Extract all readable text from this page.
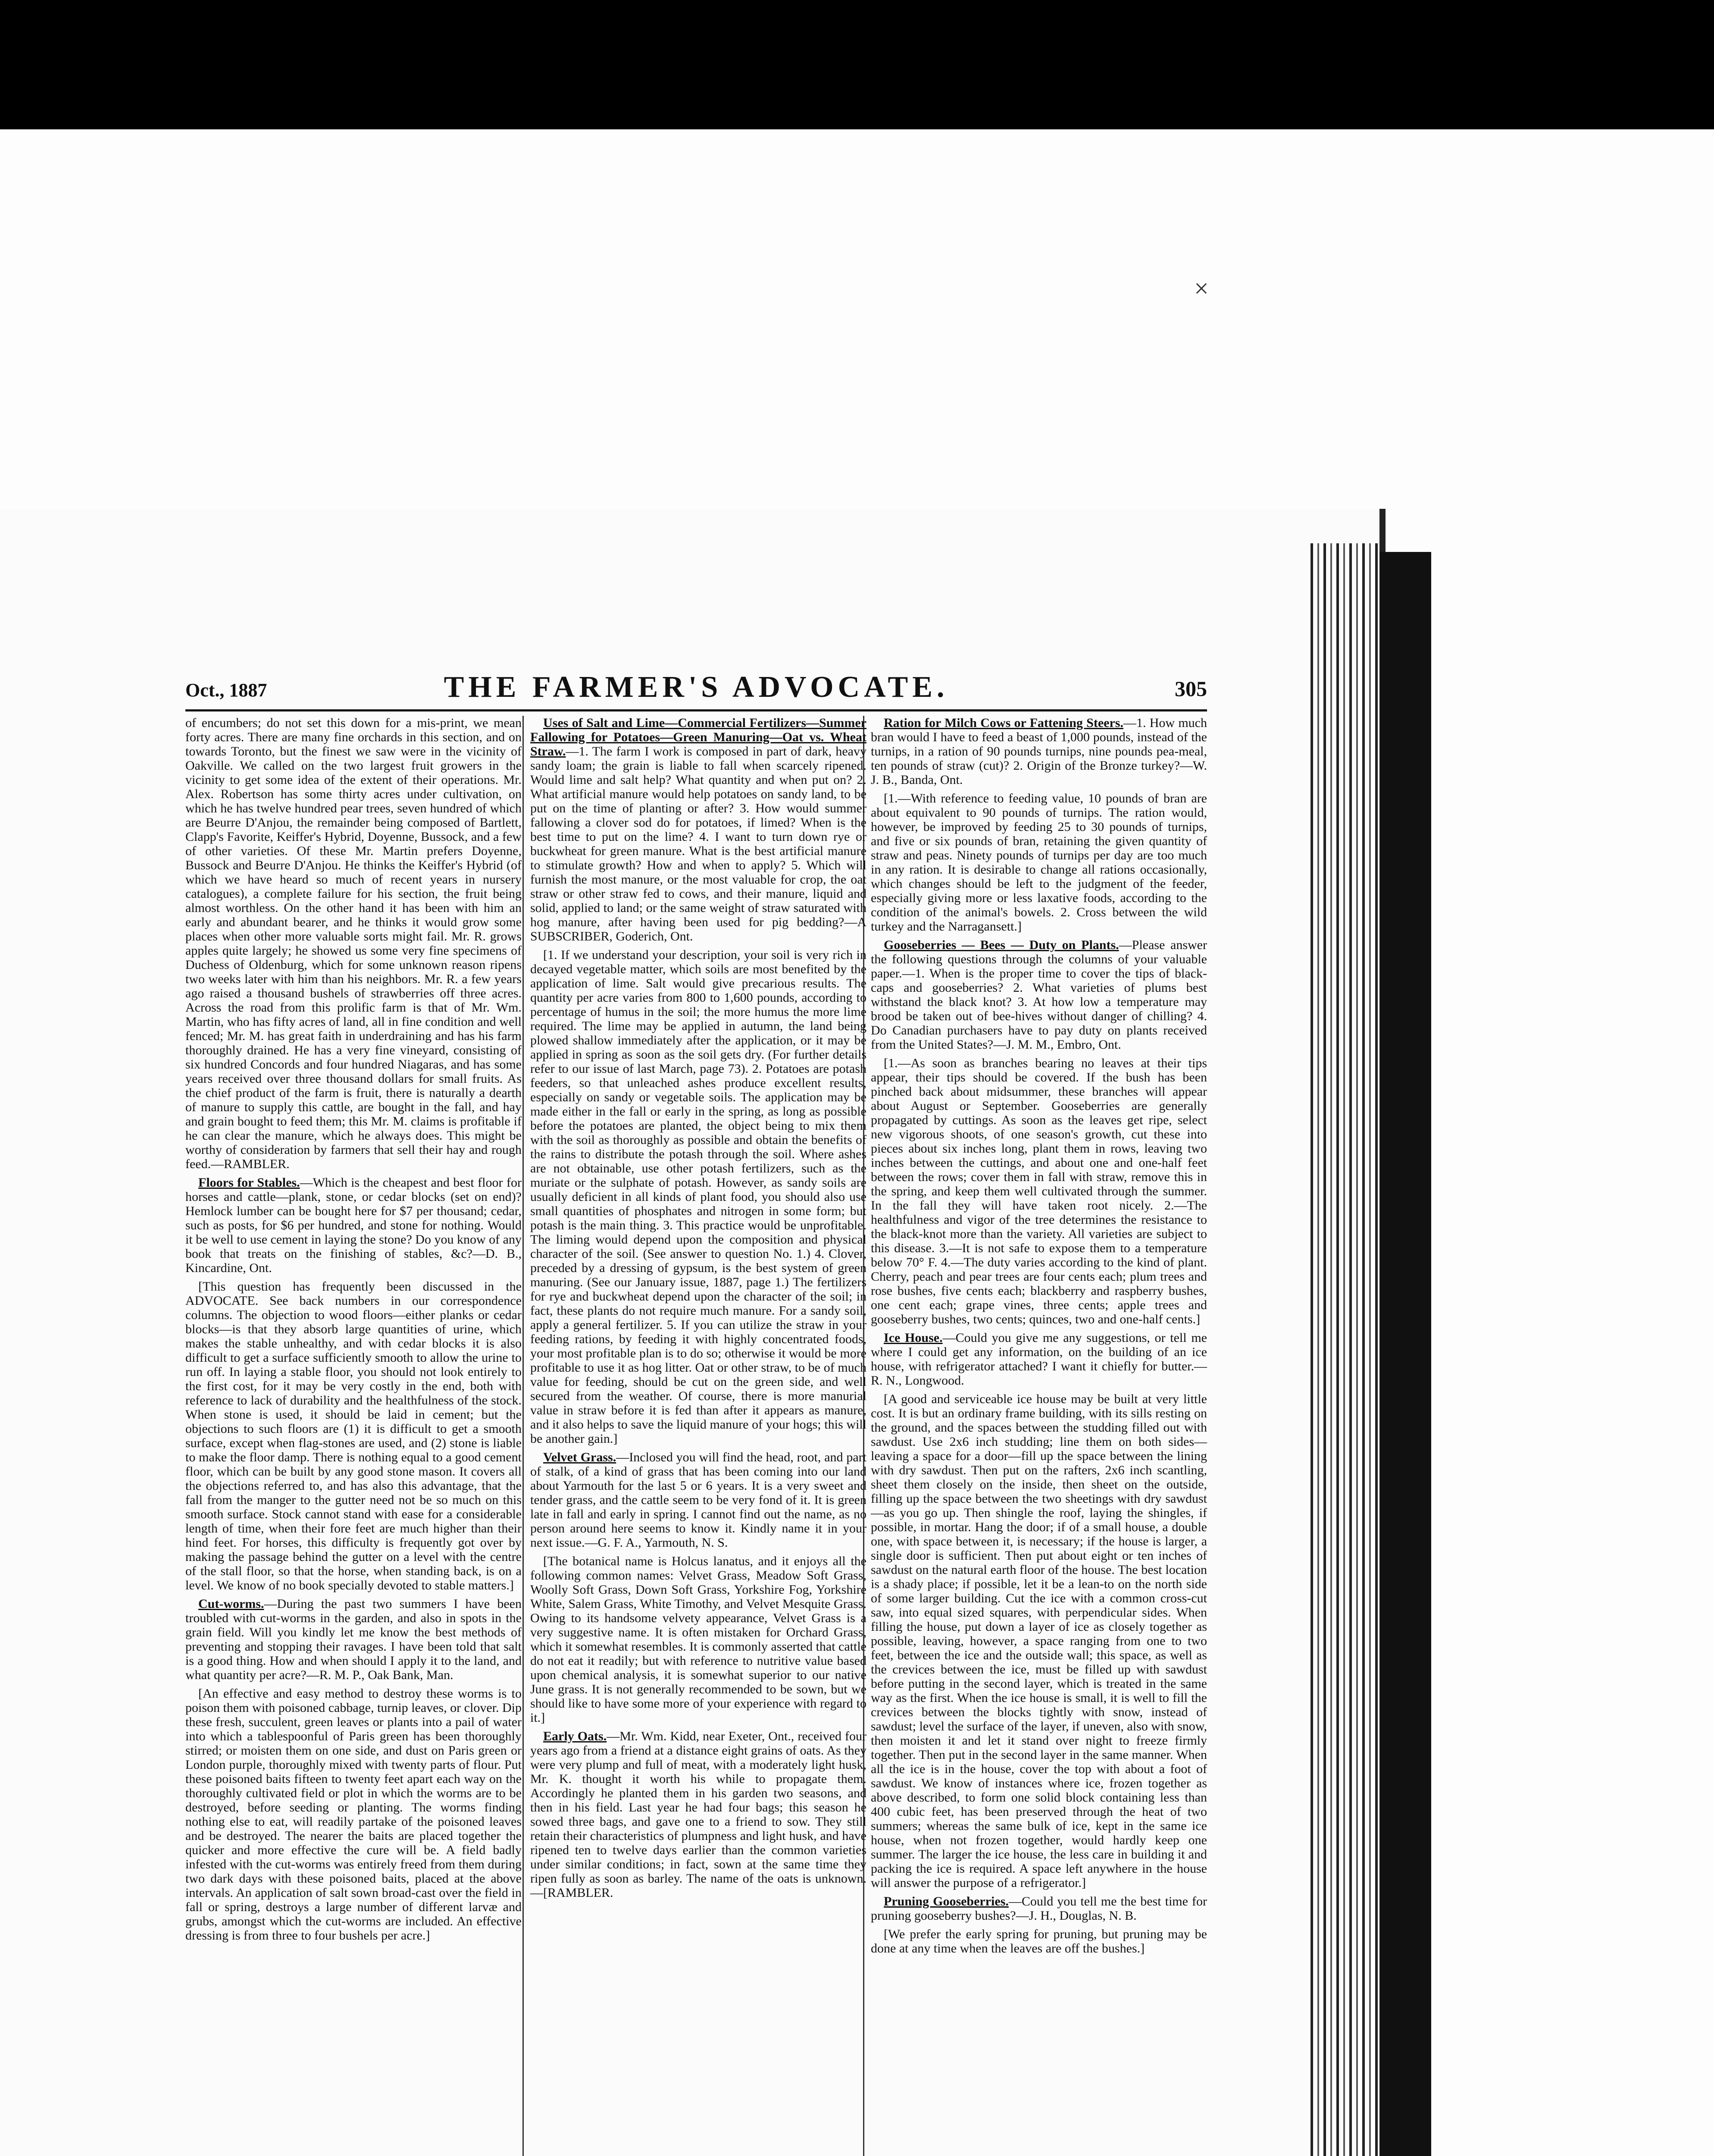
×
Oct., 1887	THE FARMER'S ADVOCATE.	305

of encumbers; do not set this down for a mis-print, we mean forty acres. There are many fine orchards in this section, and on towards Toronto, but the finest we saw were in the vicinity of Oakville. We called on the two largest fruit growers in the vicinity to get some idea of the extent of their operations. Mr. Alex. Robertson has some thirty acres under cultivation, on which he has twelve hundred pear trees, seven hundred of which are Beurre D'Anjou, the remainder being composed of Bartlett, Clapp's Favorite, Keiffer's Hybrid, Doyenne, Bussock, and a few of other varieties. Of these Mr. Martin prefers Doyenne, Bussock and Beurre D'Anjou. He thinks the Keiffer's Hybrid (of which we have heard so much of recent years in nursery catalogues), a complete failure for his section, the fruit being almost worthless. On the other hand it has been with him an early and abundant bearer, and he thinks it would grow some places when other more valuable sorts might fail. Mr. R. grows apples quite largely; he showed us some very fine specimens of Duchess of Oldenburg, which for some unknown reason ripens two weeks later with him than his neighbors. Mr. R. a few years ago raised a thousand bushels of strawberries off three acres. Across the road from this prolific farm is that of Mr. Wm. Martin, who has fifty acres of land, all in fine condition and well fenced; Mr. M. has great faith in underdraining and has his farm thoroughly drained. He has a very fine vineyard, consisting of six hundred Concords and four hundred Niagaras, and has some years received over three thousand dollars for small fruits. As the chief product of the farm is fruit, there is naturally a dearth of manure to supply this cattle, are bought in the fall, and hay and grain bought to feed them; this Mr. M. claims is profitable if he can clear the manure, which he always does. This might be worthy of consideration by farmers that sell their hay and rough feed.—RAMBLER.

Floors for Stables.—Which is the cheapest and best floor for horses and cattle—plank, stone, or cedar blocks (set on end)? Hemlock lumber can be bought here for $7 per thousand; cedar, such as posts, for $6 per hundred, and stone for nothing. Would it be well to use cement in laying the stone? Do you know of any book that treats on the finishing of stables, &c?—D. B., Kincardine, Ont.

[This question has frequently been discussed in the ADVOCATE. See back numbers in our correspondence columns. The objection to wood floors—either planks or cedar blocks—is that they absorb large quantities of urine, which makes the stable unhealthy, and with cedar blocks it is also difficult to get a surface sufficiently smooth to allow the urine to run off. In laying a stable floor, you should not look entirely to the first cost, for it may be very costly in the end, both with reference to lack of durability and the healthfulness of the stock. When stone is used, it should be laid in cement; but the objections to such floors are (1) it is difficult to get a smooth surface, except when flag-stones are used, and (2) stone is liable to make the floor damp. There is nothing equal to a good cement floor, which can be built by any good stone mason. It covers all the objections referred to, and has also this advantage, that the fall from the manger to the gutter need not be so much on this smooth surface. Stock cannot stand with ease for a considerable length of time, when their fore feet are much higher than their hind feet. For horses, this difficulty is frequently got over by making the passage behind the gutter on a level with the centre of the stall floor, so that the horse, when standing back, is on a level. We know of no book specially devoted to stable matters.]

Cut-worms.—During the past two summers I have been troubled with cut-worms in the garden, and also in spots in the grain field. Will you kindly let me know the best methods of preventing and stopping their ravages. I have been told that salt is a good thing. How and when should I apply it to the land, and what quantity per acre?—R. M. P., Oak Bank, Man.

[An effective and easy method to destroy these worms is to poison them with poisoned cabbage, turnip leaves, or clover. Dip these fresh, succulent, green leaves or plants into a pail of water into which a tablespoonful of Paris green has been thoroughly stirred; or moisten them on one side, and dust on Paris green or London purple, thoroughly mixed with twenty parts of flour. Put these poisoned baits fifteen to twenty feet apart each way on the thoroughly cultivated field or plot in which the worms are to be destroyed, before seeding or planting. The worms finding nothing else to eat, will readily partake of the poisoned leaves and be destroyed. The nearer the baits are placed together the quicker and more effective the cure will be. A field badly infested with the cut-worms was entirely freed from them during two dark days with these poisoned baits, placed at the above intervals. An application of salt sown broad-cast over the field in fall or spring, destroys a large number of different larvæ and grubs, amongst which the cut-worms are included. An effective dressing is from three to four bushels per acre.]

Uses of Salt and Lime—Commercial Fertilizers—Summer Fallowing for Potatoes—Green Manuring—Oat vs. Wheat Straw.—1. The farm I work is composed in part of dark, heavy sandy loam; the grain is liable to fall when scarcely ripened. Would lime and salt help? What quantity and when put on? 2. What artificial manure would help potatoes on sandy land, to be put on the time of planting or after? 3. How would summer fallowing a clover sod do for potatoes, if limed? When is the best time to put on the lime? 4. I want to turn down rye or buckwheat for green manure. What is the best artificial manure to stimulate growth? How and when to apply? 5. Which will furnish the most manure, or the most valuable for crop, the oat straw or other straw fed to cows, and their manure, liquid and solid, applied to land; or the same weight of straw saturated with hog manure, after having been used for pig bedding?—A SUBSCRIBER, Goderich, Ont.

[1. If we understand your description, your soil is very rich in decayed vegetable matter, which soils are most benefited by the application of lime. Salt would give precarious results. The quantity per acre varies from 800 to 1,600 pounds, according to percentage of humus in the soil; the more humus the more lime required. The lime may be applied in autumn, the land being plowed shallow immediately after the application, or it may be applied in spring as soon as the soil gets dry. (For further details refer to our issue of last March, page 73). 2. Potatoes are potash feeders, so that unleached ashes produce excellent results, especially on sandy or vegetable soils. The application may be made either in the fall or early in the spring, as long as possible before the potatoes are planted, the object being to mix them with the soil as thoroughly as possible and obtain the benefits of the rains to distribute the potash through the soil. Where ashes are not obtainable, use other potash fertilizers, such as the muriate or the sulphate of potash. However, as sandy soils are usually deficient in all kinds of plant food, you should also use small quantities of phosphates and nitrogen in some form; but potash is the main thing. 3. This practice would be unprofitable. The liming would depend upon the composition and physical character of the soil. (See answer to question No. 1.) 4. Clover, preceded by a dressing of gypsum, is the best system of green manuring. (See our January issue, 1887, page 1.) The fertilizers for rye and buckwheat depend upon the character of the soil; in fact, these plants do not require much manure. For a sandy soil, apply a general fertilizer. 5. If you can utilize the straw in your feeding rations, by feeding it with highly concentrated foods, your most profitable plan is to do so; otherwise it would be more profitable to use it as hog litter. Oat or other straw, to be of much value for feeding, should be cut on the green side, and well secured from the weather. Of course, there is more manurial value in straw before it is fed than after it appears as manure, and it also helps to save the liquid manure of your hogs; this will be another gain.]

Velvet Grass.—Inclosed you will find the head, root, and part of stalk, of a kind of grass that has been coming into our land about Yarmouth for the last 5 or 6 years. It is a very sweet and tender grass, and the cattle seem to be very fond of it. It is green late in fall and early in spring. I cannot find out the name, as no person around here seems to know it. Kindly name it in your next issue.—G. F. A., Yarmouth, N. S.

[The botanical name is Holcus lanatus, and it enjoys all the following common names: Velvet Grass, Meadow Soft Grass, Woolly Soft Grass, Down Soft Grass, Yorkshire Fog, Yorkshire White, Salem Grass, White Timothy, and Velvet Mesquite Grass. Owing to its handsome velvety appearance, Velvet Grass is a very suggestive name. It is often mistaken for Orchard Grass, which it somewhat resembles. It is commonly asserted that cattle do not eat it readily; but with reference to nutritive value based upon chemical analysis, it is somewhat superior to our native June grass. It is not generally recommended to be sown, but we should like to have some more of your experience with regard to it.]

Early Oats.—Mr. Wm. Kidd, near Exeter, Ont., received four years ago from a friend at a distance eight grains of oats. As they were very plump and full of meat, with a moderately light husk, Mr. K. thought it worth his while to propagate them. Accordingly he planted them in his garden two seasons, and then in his field. Last year he had four bags; this season he sowed three bags, and gave one to a friend to sow. They still retain their characteristics of plumpness and light husk, and have ripened ten to twelve days earlier than the common varieties under similar conditions; in fact, sown at the same time they ripen fully as soon as barley. The name of the oats is unknown.—[RAMBLER.

Ration for Milch Cows or Fattening Steers.—1. How much bran would I have to feed a beast of 1,000 pounds, instead of the turnips, in a ration of 90 pounds turnips, nine pounds pea-meal, ten pounds of straw (cut)? 2. Origin of the Bronze turkey?—W. J. B., Banda, Ont.

[1.—With reference to feeding value, 10 pounds of bran are about equivalent to 90 pounds of turnips. The ration would, however, be improved by feeding 25 to 30 pounds of turnips, and five or six pounds of bran, retaining the given quantity of straw and peas. Ninety pounds of turnips per day are too much in any ration. It is desirable to change all rations occasionally, which changes should be left to the judgment of the feeder, especially giving more or less laxative foods, according to the condition of the animal's bowels. 2. Cross between the wild turkey and the Narragansett.]

Gooseberries — Bees — Duty on Plants.—Please answer the following questions through the columns of your valuable paper.—1. When is the proper time to cover the tips of black-caps and gooseberries? 2. What varieties of plums best withstand the black knot? 3. At how low a temperature may brood be taken out of bee-hives without danger of chilling? 4. Do Canadian purchasers have to pay duty on plants received from the United States?—J. M. M., Embro, Ont.

[1.—As soon as branches bearing no leaves at their tips appear, their tips should be covered. If the bush has been pinched back about midsummer, these branches will appear about August or September. Gooseberries are generally propagated by cuttings. As soon as the leaves get ripe, select new vigorous shoots, of one season's growth, cut these into pieces about six inches long, plant them in rows, leaving two inches between the cuttings, and about one and one-half feet between the rows; cover them in fall with straw, remove this in the spring, and keep them well cultivated through the summer. In the fall they will have taken root nicely. 2.—The healthfulness and vigor of the tree determines the resistance to the black-knot more than the variety. All varieties are subject to this disease. 3.—It is not safe to expose them to a temperature below 70° F. 4.—The duty varies according to the kind of plant. Cherry, peach and pear trees are four cents each; plum trees and rose bushes, five cents each; blackberry and raspberry bushes, one cent each; grape vines, three cents; apple trees and gooseberry bushes, two cents; quinces, two and one-half cents.]

Ice House.—Could you give me any suggestions, or tell me where I could get any information, on the building of an ice house, with refrigerator attached? I want it chiefly for butter.—R. N., Longwood.

[A good and serviceable ice house may be built at very little cost. It is but an ordinary frame building, with its sills resting on the ground, and the spaces between the studding filled out with sawdust. Use 2x6 inch studding; line them on both sides—leaving a space for a door—fill up the space between the lining with dry sawdust. Then put on the rafters, 2x6 inch scantling, sheet them closely on the inside, then sheet on the outside, filling up the space between the two sheetings with dry sawdust—as you go up. Then shingle the roof, laying the shingles, if possible, in mortar. Hang the door; if of a small house, a double one, with space between it, is necessary; if the house is larger, a single door is sufficient. Then put about eight or ten inches of sawdust on the natural earth floor of the house. The best location is a shady place; if possible, let it be a lean-to on the north side of some larger building. Cut the ice with a common cross-cut saw, into equal sized squares, with perpendicular sides. When filling the house, put down a layer of ice as closely together as possible, leaving, however, a space ranging from one to two feet, between the ice and the outside wall; this space, as well as the crevices between the ice, must be filled up with sawdust before putting in the second layer, which is treated in the same way as the first. When the ice house is small, it is well to fill the crevices between the blocks tightly with snow, instead of sawdust; level the surface of the layer, if uneven, also with snow, then moisten it and let it stand over night to freeze firmly together. Then put in the second layer in the same manner. When all the ice is in the house, cover the top with about a foot of sawdust. We know of instances where ice, frozen together as above described, to form one solid block containing less than 400 cubic feet, has been preserved through the heat of two summers; whereas the same bulk of ice, kept in the same ice house, when not frozen together, would hardly keep one summer. The larger the ice house, the less care in building it and packing the ice is required. A space left anywhere in the house will answer the purpose of a refrigerator.]

Pruning Gooseberries.—Could you tell me the best time for pruning gooseberry bushes?—J. H., Douglas, N. B.

[We prefer the early spring for pruning, but pruning may be done at any time when the leaves are off the bushes.]
